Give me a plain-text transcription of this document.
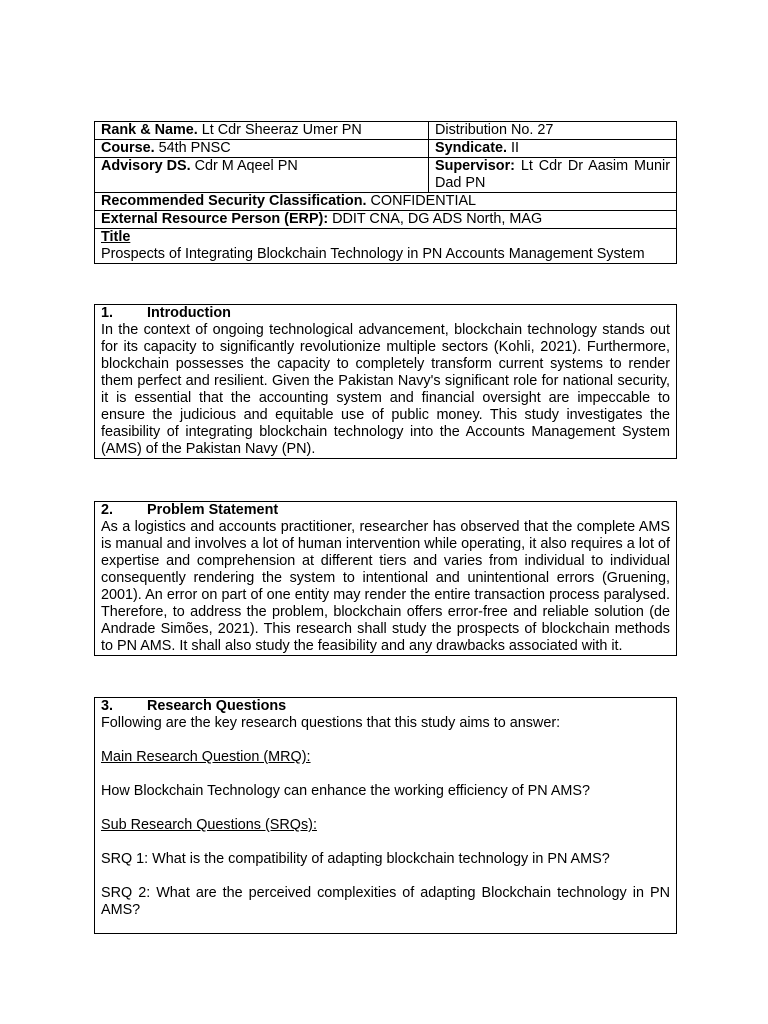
Rank & Name. Lt Cdr Sheeraz Umer PN	Distribution No. 27
Course. 54th PNSC	Syndicate. II
Advisory DS. Cdr M Aqeel PN	Supervisor: Lt Cdr Dr Aasim Munir Dad PN
Recommended Security Classification. CONFIDENTIAL	
External Resource Person (ERP): DDIT CNA, DG ADS North, MAG	
Title
Prospects of Integrating Blockchain Technology in PN Accounts Management System	
1.	Introduction

In the context of ongoing technological advancement, blockchain technology stands out for its capacity to significantly revolutionize multiple sectors (Kohli, 2021). Furthermore, blockchain possesses the capacity to completely transform current systems to render them perfect and resilient. Given the Pakistan Navy's significant role for national security, it is essential that the accounting system and financial oversight are impeccable to ensure the judicious and equitable use of public money. This study investigates the feasibility of integrating blockchain technology into the Accounts Management System (AMS) of the Pakistan Navy (PN).

2.	Problem Statement

As a logistics and accounts practitioner, researcher has observed that the complete AMS is manual and involves a lot of human intervention while operating, it also requires a lot of expertise and comprehension at different tiers and varies from individual to individual consequently rendering the system to intentional and unintentional errors (Gruening, 2001). An error on part of one entity may render the entire transaction process paralysed. Therefore, to address the problem, blockchain offers error-free and reliable solution (de Andrade Simões, 2021). This research shall study the prospects of blockchain methods to PN AMS. It shall also study the feasibility and any drawbacks associated with it.

3.	Research Questions

Following are the key research questions that this study aims to answer:

Main Research Question (MRQ):

How Blockchain Technology can enhance the working efficiency of PN AMS?

Sub Research Questions (SRQs):

SRQ 1: What is the compatibility of adapting blockchain technology in PN AMS?

SRQ 2: What are the perceived complexities of adapting Blockchain technology in PN AMS?
